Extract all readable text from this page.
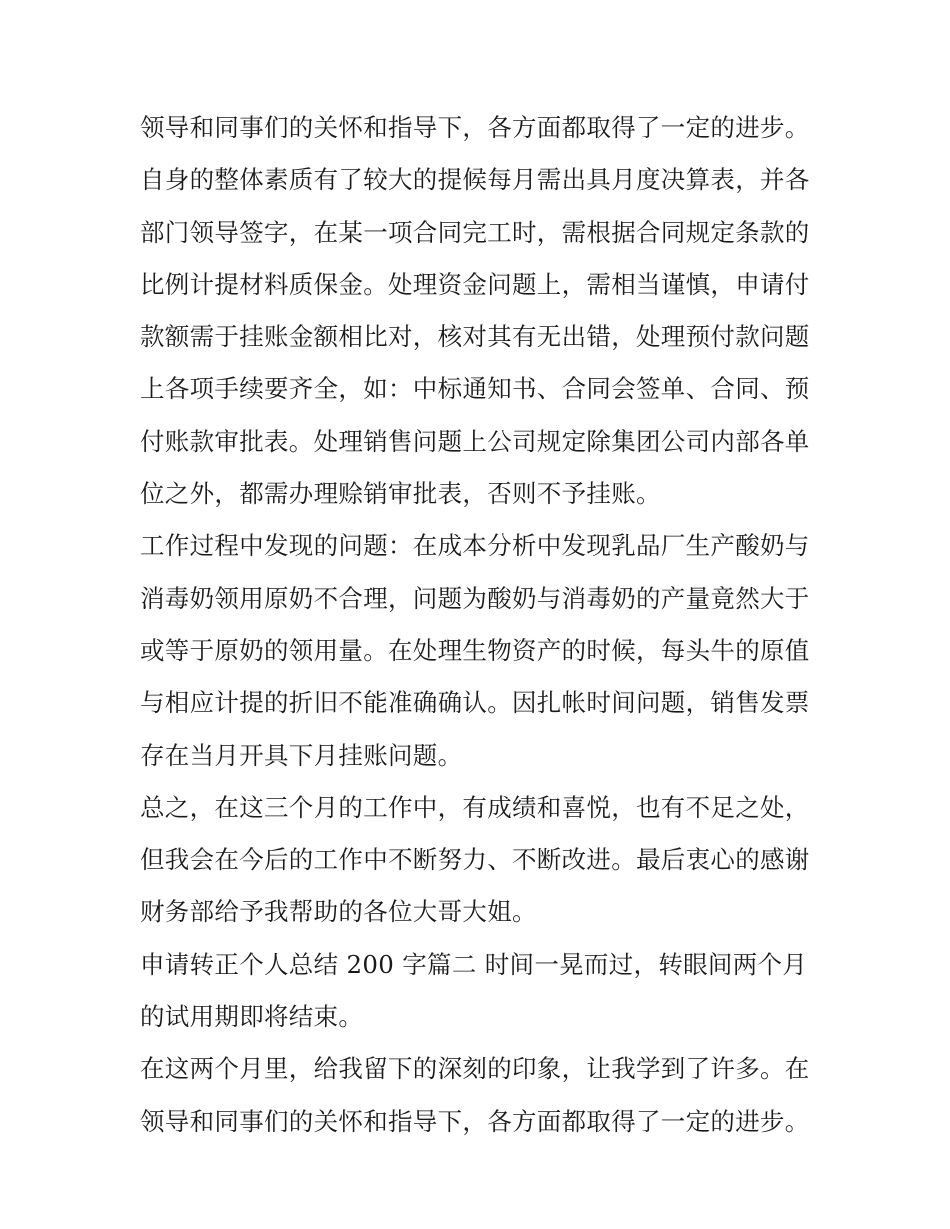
领导和同事们的关怀和指导下，各方面都取得了一定的进步。
自身的整体素质有了较大的提候每月需出具月度决算表，并各
部门领导签字，在某一项合同完工时，需根据合同规定条款的
比例计提材料质保金。处理资金问题上，需相当谨慎，申请付
款额需于挂账金额相比对，核对其有无出错，处理预付款问题
上各项手续要齐全，如：中标通知书、合同会签单、合同、预
付账款审批表。处理销售问题上公司规定除集团公司内部各单
位之外，都需办理赊销审批表，否则不予挂账。
工作过程中发现的问题：在成本分析中发现乳品厂生产酸奶与
消毒奶领用原奶不合理，问题为酸奶与消毒奶的产量竟然大于
或等于原奶的领用量。在处理生物资产的时候，每头牛的原值
与相应计提的折旧不能准确确认。因扎帐时间问题，销售发票
存在当月开具下月挂账问题。
总之，在这三个月的工作中，有成绩和喜悦，也有不足之处，
但我会在今后的工作中不断努力、不断改进。最后衷心的感谢
财务部给予我帮助的各位大哥大姐。
申请转正个人总结 200 字篇二 时间一晃而过，转眼间两个月
的试用期即将结束。
在这两个月里，给我留下的深刻的印象，让我学到了许多。在
领导和同事们的关怀和指导下，各方面都取得了一定的进步。
